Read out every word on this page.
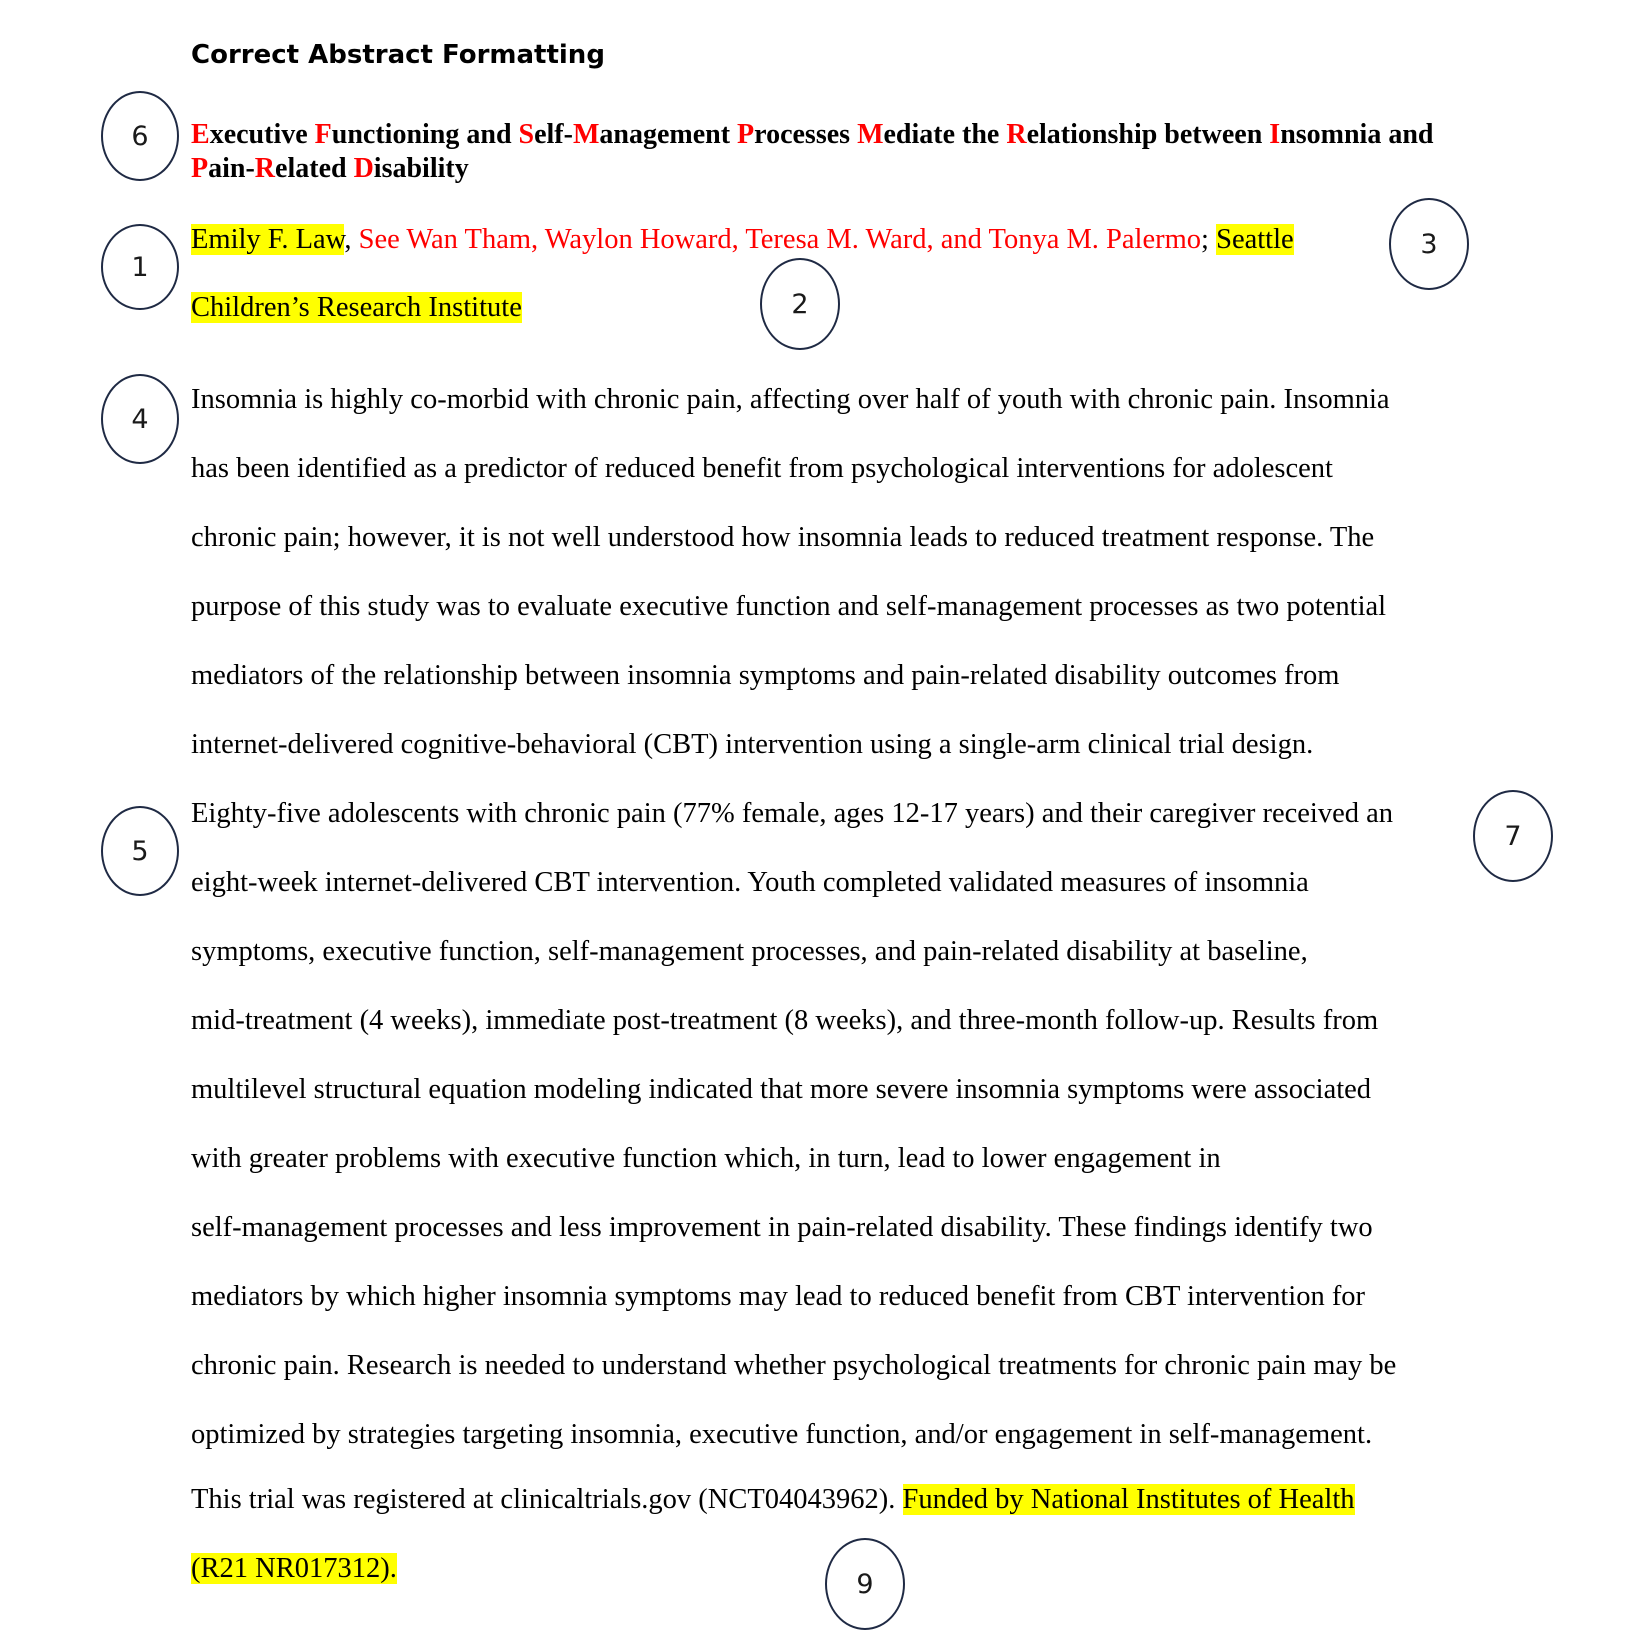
Correct Abstract Formatting
Executive Functioning and Self-Management Processes Mediate the Relationship between Insomnia and Pain-Related Disability
Emily F. Law, See Wan Tham, Waylon Howard, Teresa M. Ward, and Tonya M. Palermo; Seattle
Children’s Research Institute
Insomnia is highly co-morbid with chronic pain, affecting over half of youth with chronic pain. Insomnia
has been identified as a predictor of reduced benefit from psychological interventions for adolescent
chronic pain; however, it is not well understood how insomnia leads to reduced treatment response. The
purpose of this study was to evaluate executive function and self-management processes as two potential
mediators of the relationship between insomnia symptoms and pain-related disability outcomes from
internet-delivered cognitive-behavioral (CBT) intervention using a single-arm clinical trial design.
Eighty-five adolescents with chronic pain (77% female, ages 12-17 years) and their caregiver received an
eight-week internet-delivered CBT intervention. Youth completed validated measures of insomnia
symptoms, executive function, self-management processes, and pain-related disability at baseline,
mid-treatment (4 weeks), immediate post-treatment (8 weeks), and three-month follow-up. Results from
multilevel structural equation modeling indicated that more severe insomnia symptoms were associated
with greater problems with executive function which, in turn, lead to lower engagement in
self-management processes and less improvement in pain-related disability. These findings identify two
mediators by which higher insomnia symptoms may lead to reduced benefit from CBT intervention for
chronic pain. Research is needed to understand whether psychological treatments for chronic pain may be
optimized by strategies targeting insomnia, executive function, and/or engagement in self-management.
This trial was registered at clinicaltrials.gov (NCT04043962). Funded by National Institutes of Health
(R21 NR017312).
6
1
3
2
4
5	7
9
